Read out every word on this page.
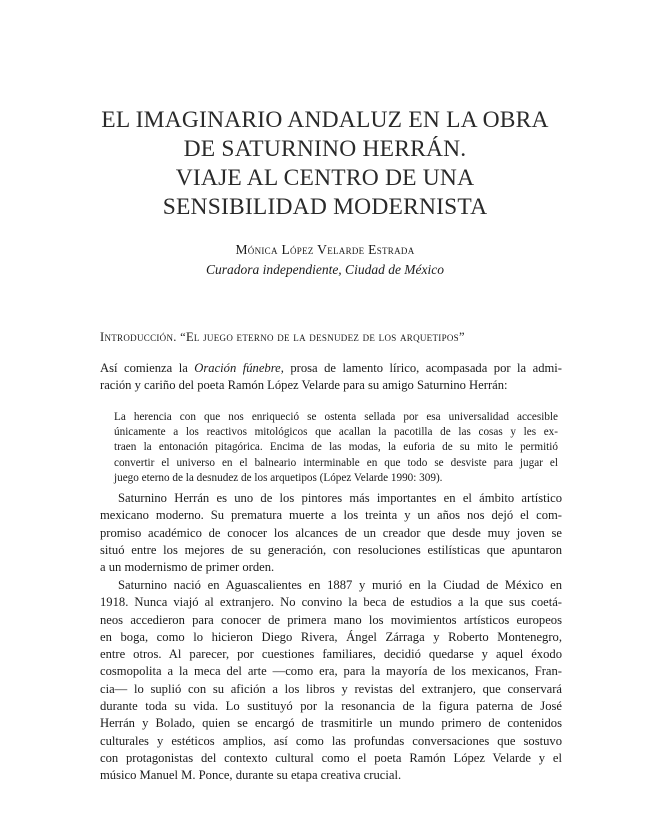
EL IMAGINARIO ANDALUZ EN LA OBRA
DE SATURNINO HERRÁN.
VIAJE AL CENTRO DE UNA
SENSIBILIDAD MODERNISTA
Mónica López Velarde Estrada
Curadora independiente, Ciudad de México
Introducción. “El juego eterno de la desnudez de los arquetipos”
Así comienza la Oración fúnebre, prosa de lamento lírico, acompasada por la admi-
ración y cariño del poeta Ramón López Velarde para su amigo Saturnino Herrán:
La herencia con que nos enriqueció se ostenta sellada por esa universalidad accesible
únicamente a los reactivos mitológicos que acallan la pacotilla de las cosas y les ex-
traen la entonación pitagórica. Encima de las modas, la euforia de su mito le permitió
convertir el universo en el balneario interminable en que todo se desviste para jugar el
juego eterno de la desnudez de los arquetipos (López Velarde 1990: 309).
Saturnino Herrán es uno de los pintores más importantes en el ámbito artístico
mexicano moderno. Su prematura muerte a los treinta y un años nos dejó el com-
promiso académico de conocer los alcances de un creador que desde muy joven se
situó entre los mejores de su generación, con resoluciones estilísticas que apuntaron
a un modernismo de primer orden.
Saturnino nació en Aguascalientes en 1887 y murió en la Ciudad de México en
1918. Nunca viajó al extranjero. No convino la beca de estudios a la que sus coetá-
neos accedieron para conocer de primera mano los movimientos artísticos europeos
en boga, como lo hicieron Diego Rivera, Ángel Zárraga y Roberto Montenegro,
entre otros. Al parecer, por cuestiones familiares, decidió quedarse y aquel éxodo
cosmopolita a la meca del arte —como era, para la mayoría de los mexicanos, Fran-
cia— lo suplió con su afición a los libros y revistas del extranjero, que conservará
durante toda su vida. Lo sustituyó por la resonancia de la figura paterna de José
Herrán y Bolado, quien se encargó de trasmitirle un mundo primero de contenidos
culturales y estéticos amplios, así como las profundas conversaciones que sostuvo
con protagonistas del contexto cultural como el poeta Ramón López Velarde y el
músico Manuel M. Ponce, durante su etapa creativa crucial.
